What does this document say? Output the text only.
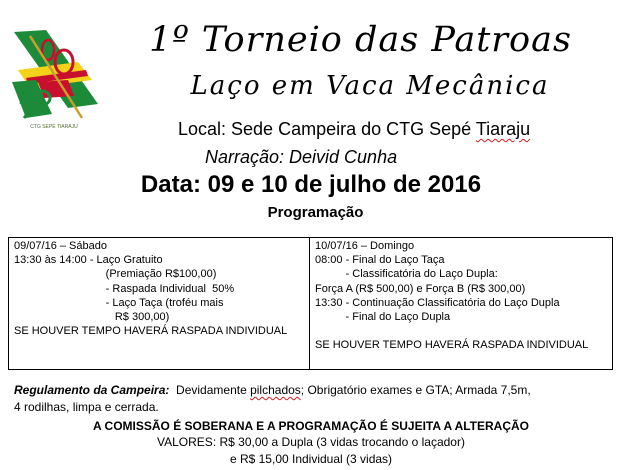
CTG SEPÉ TIARAJU
1º Torneio das Patroas
Laço em Vaca Mecânica
Local: Sede Campeira do CTG Sepé Tiaraju
Narração: Deivid Cunha
Data: 09 e 10 de julho de 2016
Programação
09/07/16 – Sábado
13:30 às 14:00 - Laço Gratuito
(Premiação R$100,00)
- Raspada Individual  50%
- Laço Taça (troféu mais
R$ 300,00)
SE HOUVER TEMPO HAVERÁ RASPADA INDIVIDUAL
10/07/16 – Domingo
08:00 - Final do Laço Taça
- Classificatória do Laço Dupla:
Força A (R$ 500,00) e Força B (R$ 300,00)
13:30 - Continuação Classificatória do Laço Dupla
- Final do Laço Dupla
SE HOUVER TEMPO HAVERÁ RASPADA INDIVIDUAL
Regulamento da Campeira:  Devidamente pilchados; Obrigatório exames e GTA; Armada 7,5m,
4 rodilhas, limpa e cerrada.
A COMISSÃO É SOBERANA E A PROGRAMAÇÃO É SUJEITA A ALTERAÇÃO
VALORES: R$ 30,00 a Dupla (3 vidas trocando o laçador)
e R$ 15,00 Individual (3 vidas)
